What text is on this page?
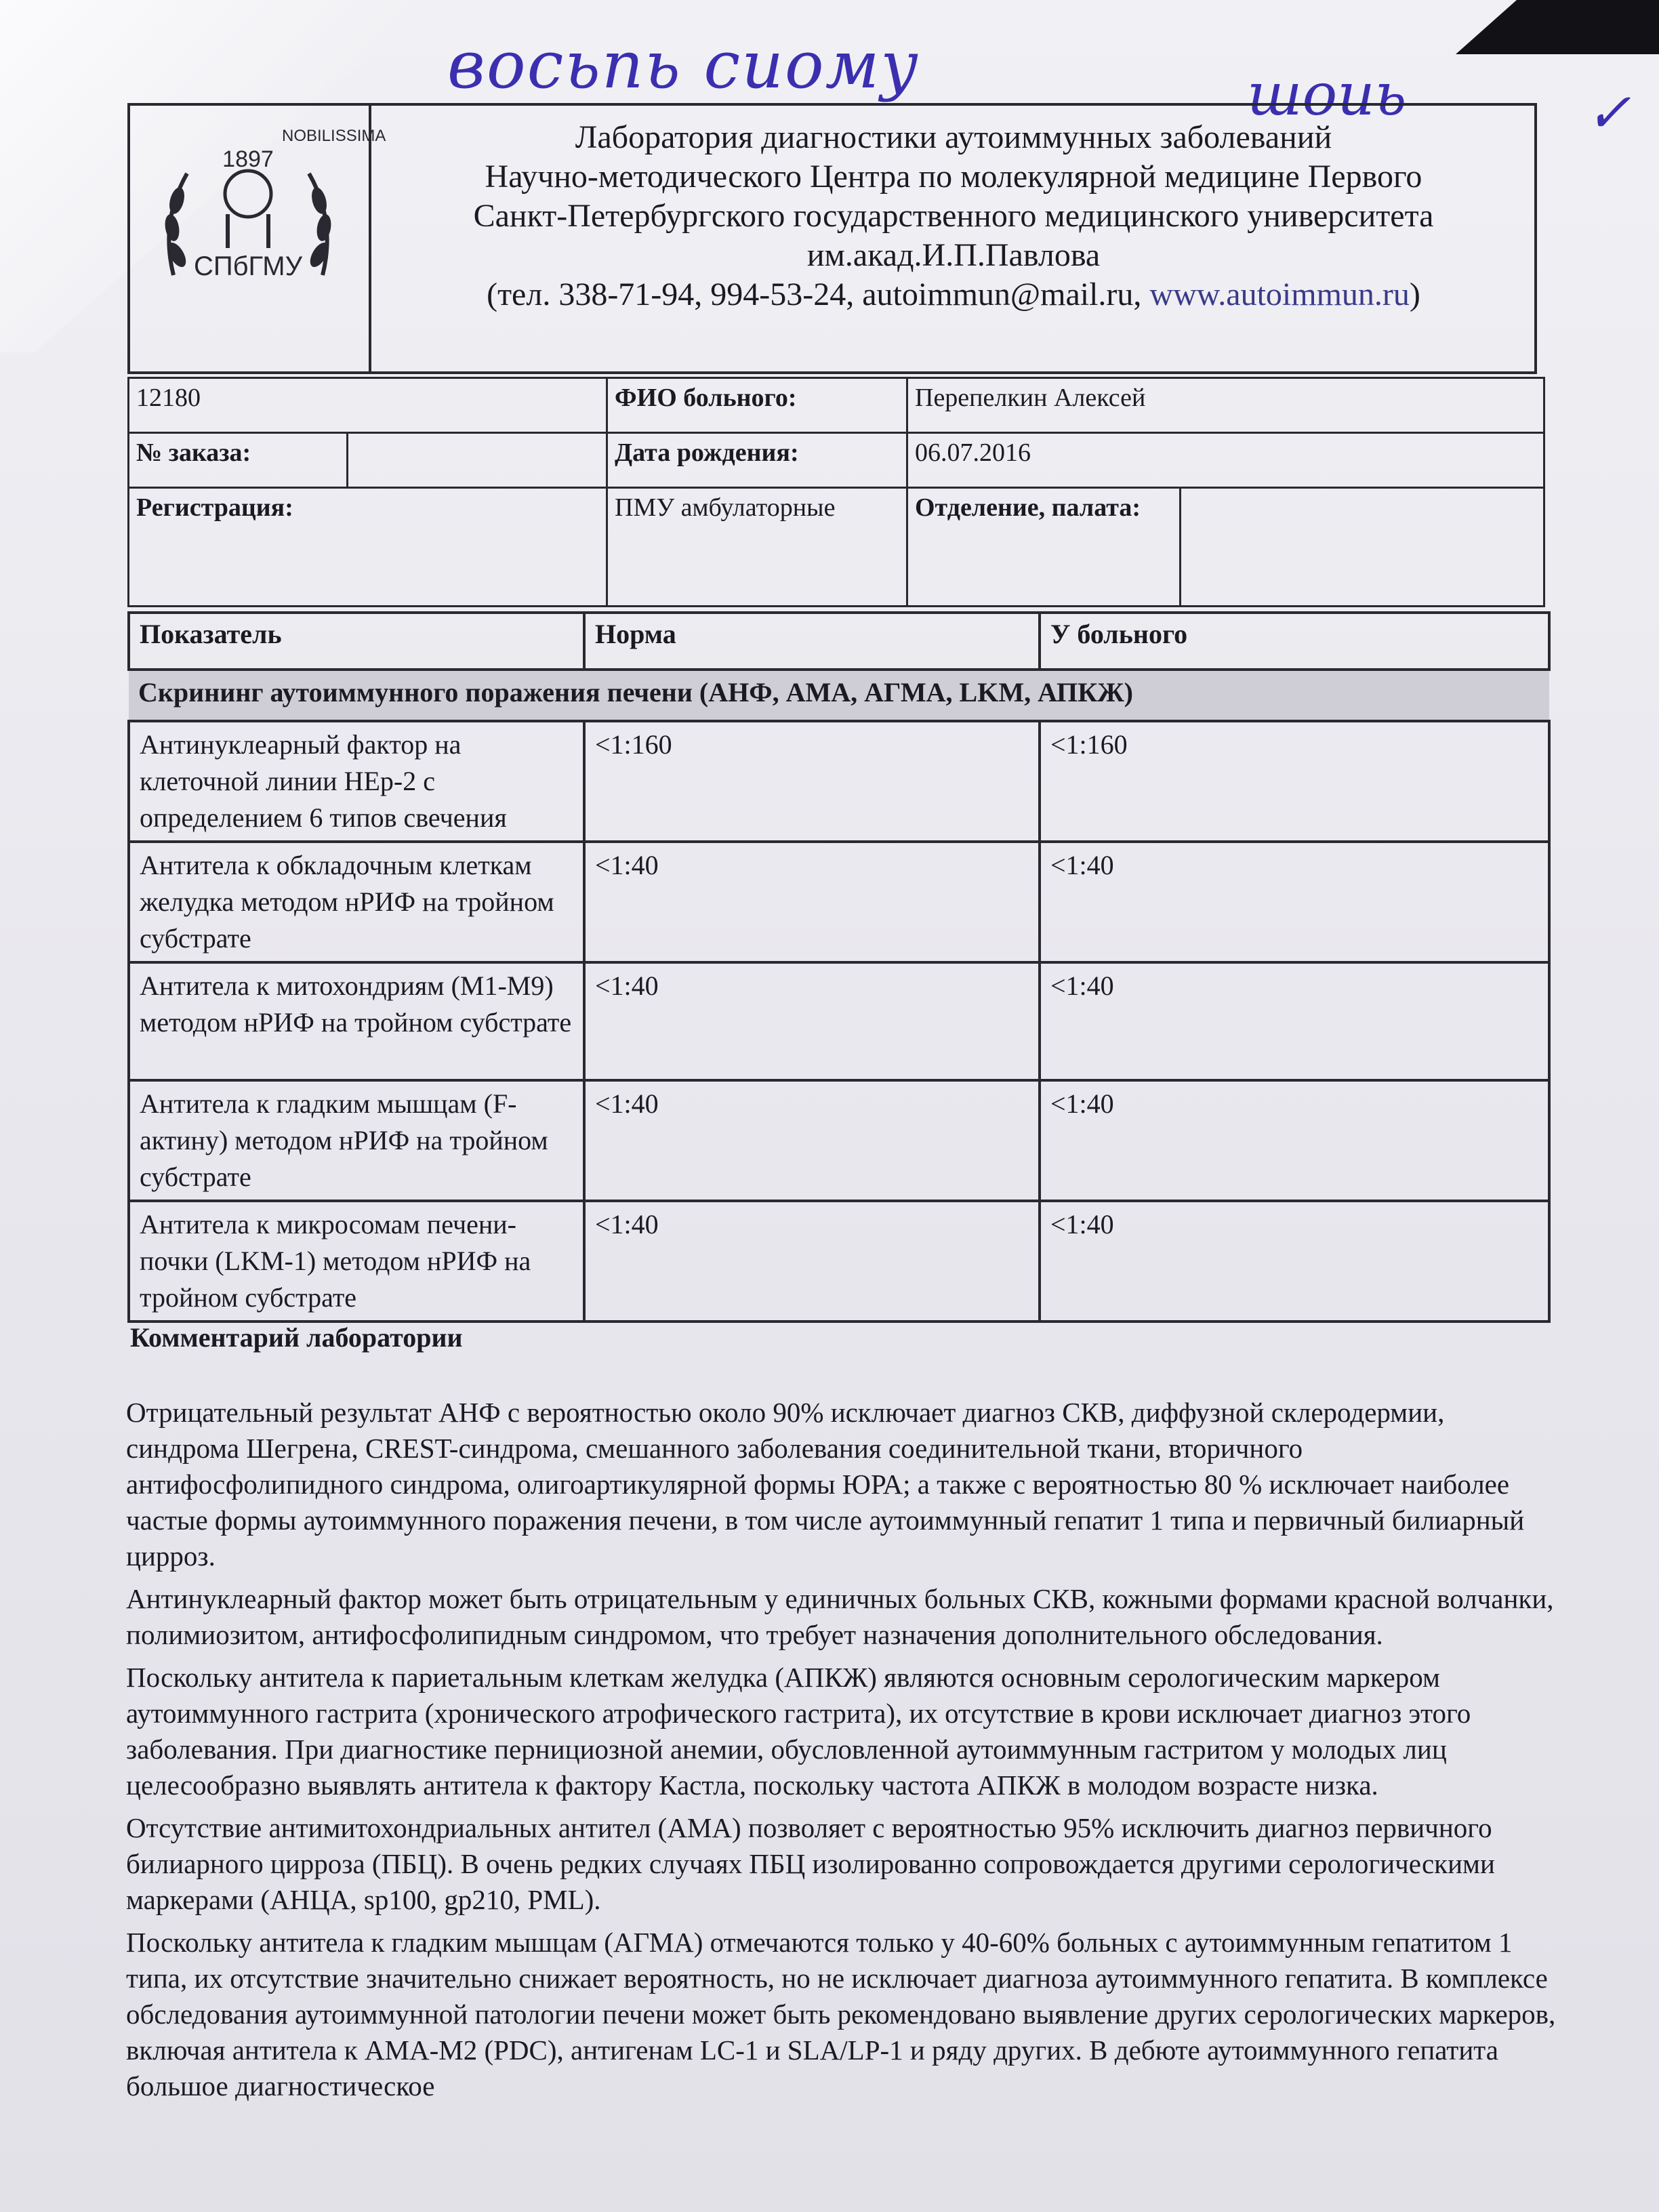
восьпь сиому	шоиь	✓
1897
NOBILISSIMA
СПбГМУ
Лаборатория диагностики аутоиммунных заболеваний
Научно-методического Центра по молекулярной медицине Первого
Санкт-Петербургского государственного медицинского университета
им.акад.И.П.Павлова
(тел. 338-71-94, 994-53-24, autoimmun@mail.ru, www.autoimmun.ru)
12180		ФИО больного:	Перепелкин Алексей	
№ заказа:		Дата рождения:	06.07.2016	
Регистрация:		ПМУ амбулаторные	Отделение, палата:	
Показатель	Норма	У больного
Скрининг аутоиммунного поражения печени (АНФ, АМА, АГМА, LKM, АПКЖ)		
Антинуклеарный фактор на клеточной линии НЕр-2 с определением 6 типов свечения	<1:160	<1:160
Антитела к обкладочным клеткам желудка методом нРИФ на тройном субстрате	<1:40	<1:40
Антитела к митохондриям (M1-M9) методом нРИФ на тройном субстрате	<1:40	<1:40
Антитела к гладким мышцам (F-актину) методом нРИФ на тройном субстрате	<1:40	<1:40
Антитела к микросомам печени-почки (LKM-1) методом нРИФ на тройном субстрате	<1:40	<1:40
Комментарий лаборатории

Отрицательный результат АНФ с вероятностью около 90% исключает диагноз СКВ, диффузной склеродермии, синдрома Шегрена, CREST-синдрома, смешанного заболевания соединительной ткани, вторичного антифосфолипидного синдрома, олигоартикулярной формы ЮРА; а также с вероятностью 80 % исключает наиболее частые формы аутоиммунного поражения печени, в том числе аутоиммунный гепатит 1 типа и первичный билиарный цирроз.

Антинуклеарный фактор может быть отрицательным у единичных больных СКВ, кожными формами красной волчанки, полимиозитом, антифосфолипидным синдромом, что требует назначения дополнительного обследования.

Поскольку антитела к париетальным клеткам желудка (АПКЖ) являются основным серологическим маркером аутоиммунного гастрита (хронического атрофического гастрита), их отсутствие в крови исключает диагноз этого заболевания. При диагностике пернициозной анемии, обусловленной аутоиммунным гастритом у молодых лиц целесообразно выявлять антитела к фактору Кастла, поскольку частота АПКЖ в молодом возрасте низка.

Отсутствие антимитохондриальных антител (АМА) позволяет с вероятностью 95% исключить диагноз первичного билиарного цирроза (ПБЦ). В очень редких случаях ПБЦ изолированно сопровождается другими серологическими маркерами (АНЦА, sp100, gp210, PML).

Поскольку антитела к гладким мышцам (АГМА) отмечаются только у 40-60% больных с аутоиммунным гепатитом 1 типа, их отсутствие значительно снижает вероятность, но не исключает диагноза аутоиммунного гепатита. В комплексе обследования аутоиммунной патологии печени может быть рекомендовано выявление других серологических маркеров, включая антитела к АМА-М2 (PDC), антигенам LC-1 и SLA/LP-1 и ряду других. В дебюте аутоиммунного гепатита большое диагностическое
